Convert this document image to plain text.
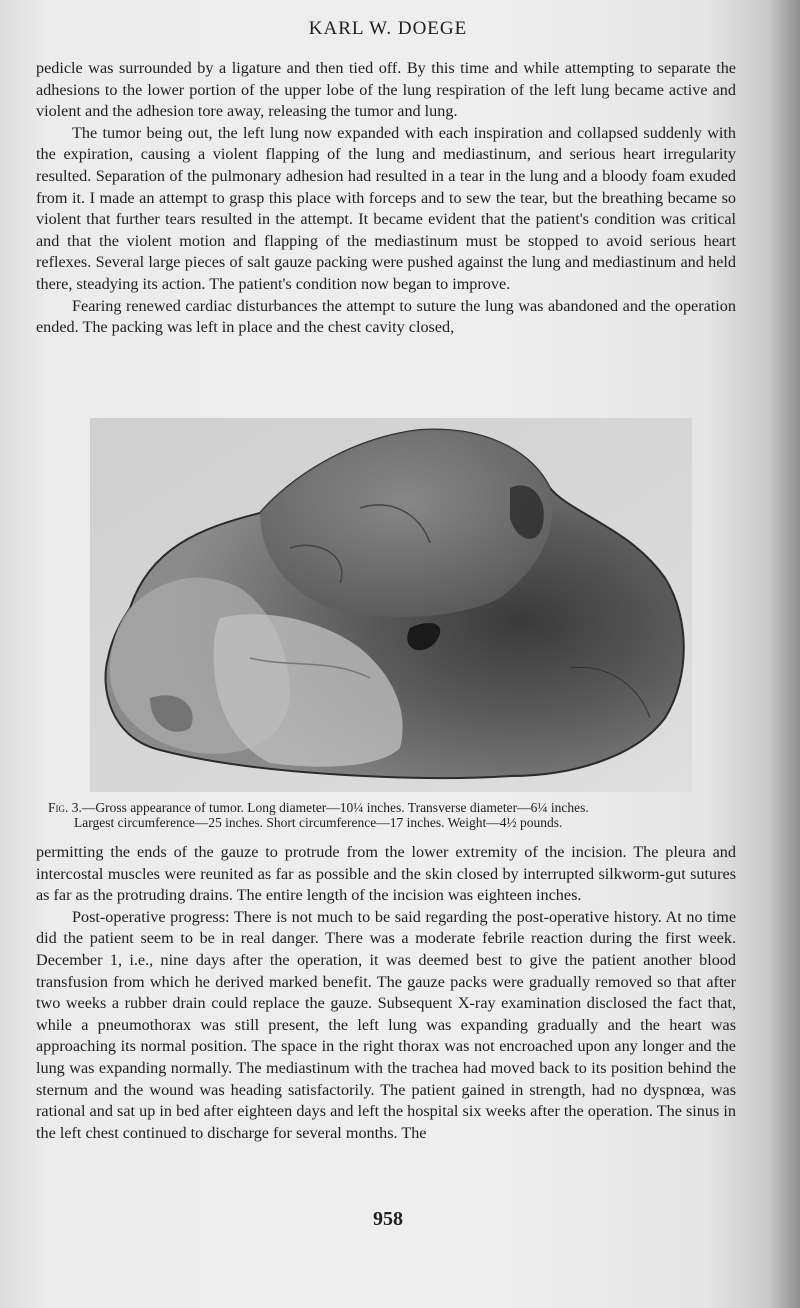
KARL W. DOEGE

pedicle was surrounded by a ligature and then tied off. By this time and while attempting to separate the adhesions to the lower portion of the upper lobe of the lung respiration of the left lung became active and violent and the adhesion tore away, releasing the tumor and lung.

The tumor being out, the left lung now expanded with each inspiration and collapsed suddenly with the expiration, causing a violent flapping of the lung and mediastinum, and serious heart irregularity resulted. Separation of the pulmonary adhesion had resulted in a tear in the lung and a bloody foam exuded from it. I made an attempt to grasp this place with forceps and to sew the tear, but the breathing became so violent that further tears resulted in the attempt. It became evident that the patient's condition was critical and that the violent motion and flapping of the mediastinum must be stopped to avoid serious heart reflexes. Several large pieces of salt gauze packing were pushed against the lung and mediastinum and held there, steadying its action. The patient's condition now began to improve.

Fearing renewed cardiac disturbances the attempt to suture the lung was abandoned and the operation ended. The packing was left in place and the chest cavity closed,

Fig. 3.—Gross appearance of tumor. Long diameter—10¼ inches. Transverse diameter—6¼ inches.
Largest circumference—25 inches. Short circumference—17 inches. Weight—4½ pounds.

permitting the ends of the gauze to protrude from the lower extremity of the incision. The pleura and intercostal muscles were reunited as far as possible and the skin closed by interrupted silkworm-gut sutures as far as the protruding drains. The entire length of the incision was eighteen inches.

Post-operative progress: There is not much to be said regarding the post-operative history. At no time did the patient seem to be in real danger. There was a moderate febrile reaction during the first week. December 1, i.e., nine days after the operation, it was deemed best to give the patient another blood transfusion from which he derived marked benefit. The gauze packs were gradually removed so that after two weeks a rubber drain could replace the gauze. Subsequent X-ray examination disclosed the fact that, while a pneumothorax was still present, the left lung was expanding gradually and the heart was approaching its normal position. The space in the right thorax was not encroached upon any longer and the lung was expanding normally. The mediastinum with the trachea had moved back to its position behind the sternum and the wound was heading satisfactorily. The patient gained in strength, had no dyspnœa, was rational and sat up in bed after eighteen days and left the hospital six weeks after the operation. The sinus in the left chest continued to discharge for several months. The

958
